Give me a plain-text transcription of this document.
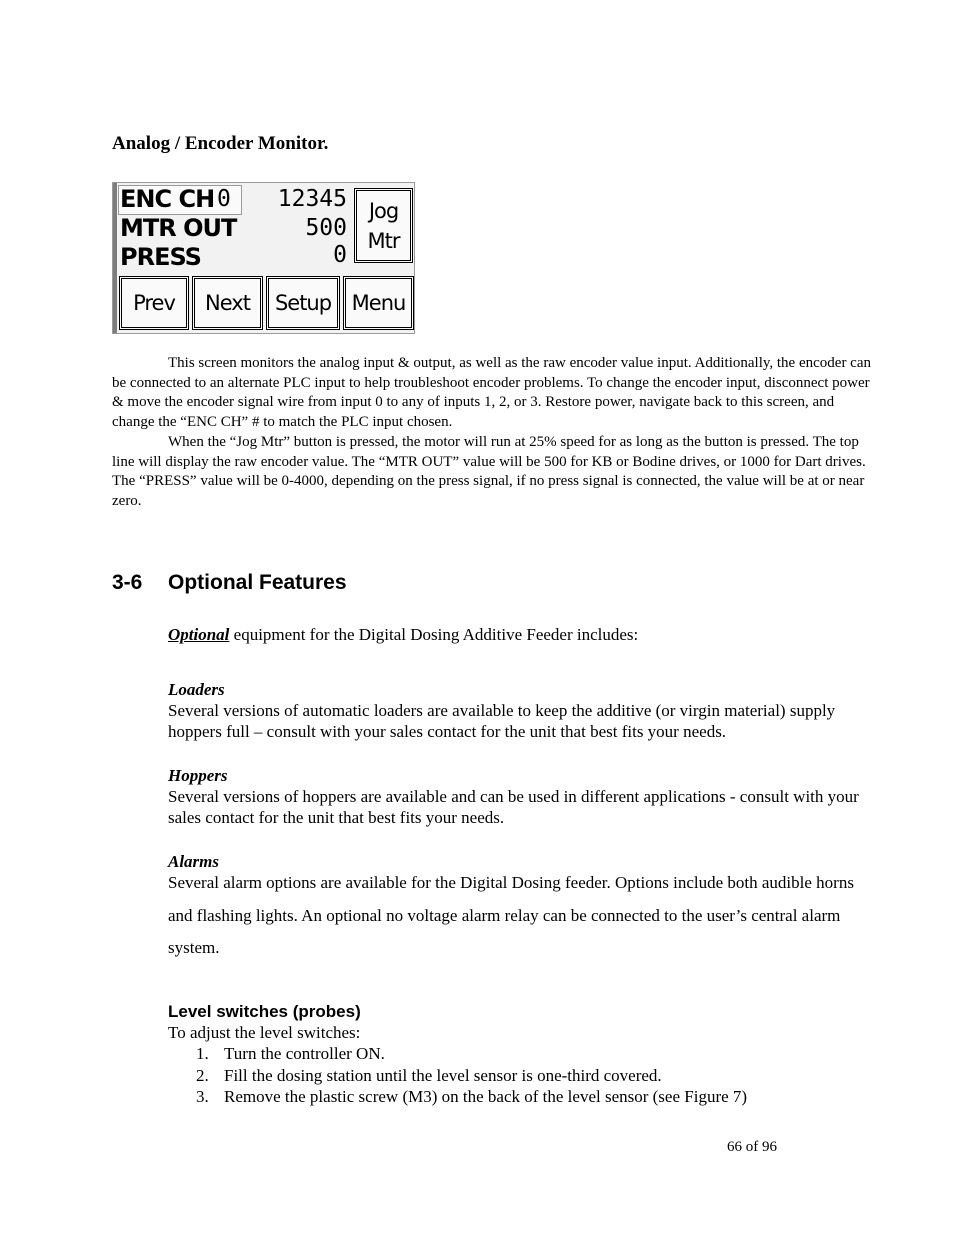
Analog / Encoder Monitor.
ENC CH 0	12345
MTR OUT	500
PRESS	0
Jog
Mtr
Prev	Next	Setup Menu

This screen monitors the analog input & output, as well as the raw encoder value input. Additionally, the encoder can be connected to an alternate PLC input to help troubleshoot encoder problems. To change the encoder input, disconnect power & move the encoder signal wire from input 0 to any of inputs 1, 2, or 3. Restore power, navigate back to this screen, and change the “ENC CH” # to match the PLC input chosen.

When the “Jog Mtr” button is pressed, the motor will run at 25% speed for as long as the button is pressed. The top line will display the raw encoder value. The “MTR OUT” value will be 500 for KB or Bodine drives, or 1000 for Dart drives. The “PRESS” value will be 0-4000, depending on the press signal, if no press signal is connected, the value will be at or near zero.

3-6 Optional Features
Optional equipment for the Digital Dosing Additive Feeder includes:
Loaders
Several versions of automatic loaders are available to keep the additive (or virgin material) supply hoppers full – consult with your sales contact for the unit that best fits your needs.
Hoppers
Several versions of hoppers are available and can be used in different applications - consult with your sales contact for the unit that best fits your needs.
Alarms
Several alarm options are available for the Digital Dosing feeder. Options include both audible horns and flashing lights. An optional no voltage alarm relay can be connected to the user’s central alarm system.
Level switches (probes)
To adjust the level switches:
1. Turn the controller ON.
2. Fill the dosing station until the level sensor is one-third covered.
3. Remove the plastic screw (M3) on the back of the level sensor (see Figure 7)
66 of 96
